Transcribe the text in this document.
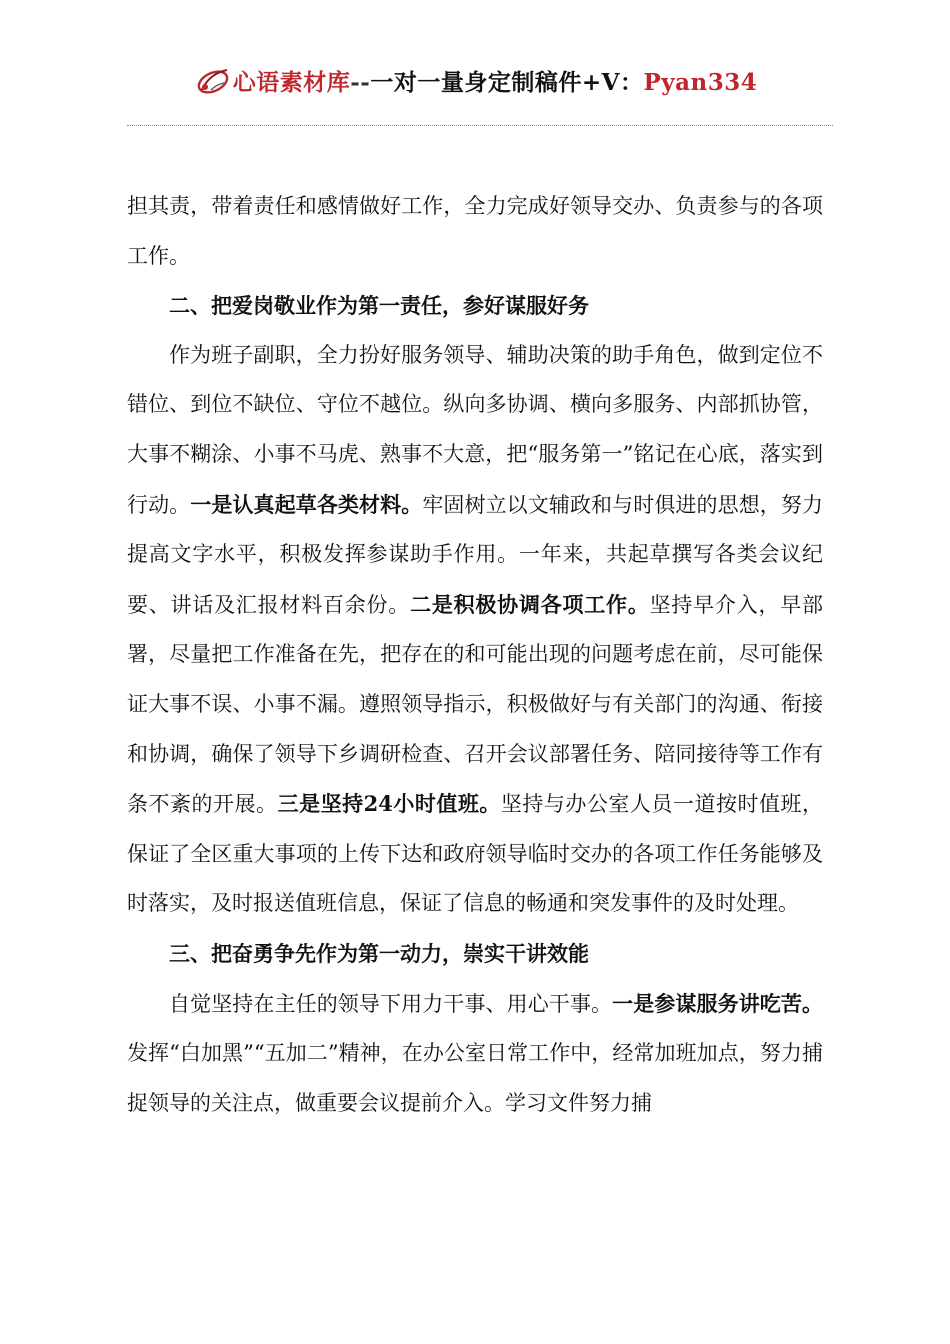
心语素材库--一对一量身定制稿件+V：Pyan334

担其责，带着责任和感情做好工作，全力完成好领导交办、负责参与的各项工作。

二、把爱岗敬业作为第一责任，参好谋服好务

作为班子副职，全力扮好服务领导、辅助决策的助手角色，做到定位不错位、到位不缺位、守位不越位。纵向多协调、横向多服务、内部抓协管，大事不糊涂、小事不马虎、熟事不大意，把“服务第一”铭记在心底，落实到行动。一是认真起草各类材料。牢固树立以文辅政和与时俱进的思想，努力提高文字水平，积极发挥参谋助手作用。一年来，共起草撰写各类会议纪要、讲话及汇报材料百余份。二是积极协调各项工作。坚持早介入，早部署，尽量把工作准备在先，把存在的和可能出现的问题考虑在前，尽可能保证大事不误、小事不漏。遵照领导指示，积极做好与有关部门的沟通、衔接和协调，确保了领导下乡调研检查、召开会议部署任务、陪同接待等工作有条不紊的开展。三是坚持24小时值班。坚持与办公室人员一道按时值班，保证了全区重大事项的上传下达和政府领导临时交办的各项工作任务能够及时落实，及时报送值班信息，保证了信息的畅通和突发事件的及时处理。

三、把奋勇争先作为第一动力，崇实干讲效能

自觉坚持在主任的领导下用力干事、用心干事。一是参谋服务讲吃苦。发挥“白加黑”“五加二”精神，在办公室日常工作中，经常加班加点，努力捕捉领导的关注点，做重要会议提前介入。学习文件努力捕
